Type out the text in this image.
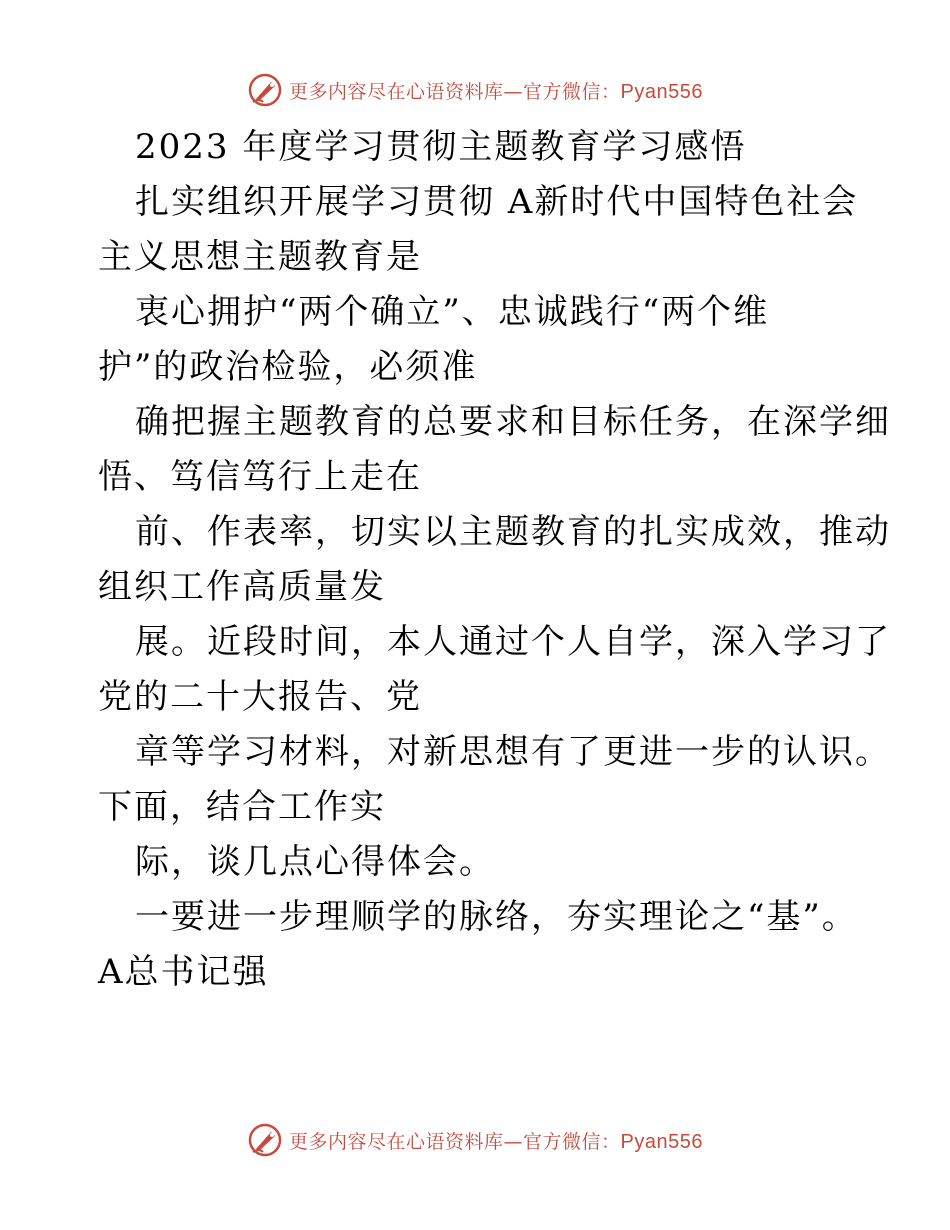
更多内容尽在心语资料库—官方微信：Pyan556
2023 年度学习贯彻主题教育学习感悟
扎实组织开展学习贯彻 A新时代中国特色社会
主义思想主题教育是
衷心拥护“两个确立”、忠诚践行“两个维
护”的政治检验，必须准
确把握主题教育的总要求和目标任务，在深学细
悟、笃信笃行上走在
前、作表率，切实以主题教育的扎实成效，推动
组织工作高质量发
展。近段时间，本人通过个人自学，深入学习了
党的二十大报告、党
章等学习材料，对新思想有了更进一步的认识。
下面，结合工作实
际，谈几点心得体会。
一要进一步理顺学的脉络，夯实理论之“基”。
A总书记强
更多内容尽在心语资料库—官方微信：Pyan556
